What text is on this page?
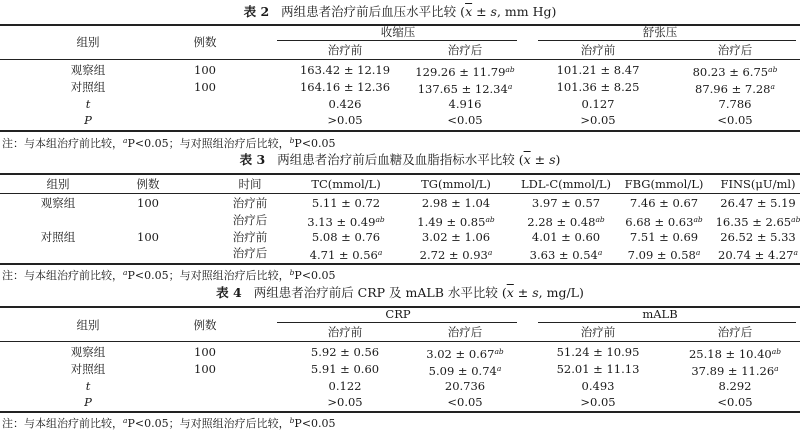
表 2 两组患者治疗前后血压水平比较 ($\overline{x} \pm s$, mm Hg)
组别	例数
收缩压	舒张压
治疗前	治疗后	治疗前	治疗后
观察组	100	163.42 ± 12.19 129.26 ± 11.79$^{ab}$	101.21 ± 8.47	80.23 ± 6.75$^{ab}$
对照组	100	164.16 ± 12.36 137.65 ± 12.34$^a$	101.36 ± 8.25	87.96 ± 7.28$^a$
t	0.426	4.916	0.127	7.786
P	>0.05	<0.05	>0.05	<0.05
注：与本组治疗前比较，$^a$P<0.05；与对照组治疗后比较，$^b$P<0.05
表 3 两组患者治疗前后血糖及血脂指标水平比较 $(\overline{x} \pm s)$
组别	例数	时间	TC(mmol/L)	TG(mmol/L)	LDL-C(mmol/L) FBG(mmol/L) FINS(μU/ml)
观察组	100	治疗前	5.11 ± 0.72	2.98 ± 1.04	3.97 ± 0.57	7.46 ± 0.67 26.47 ± 5.19
治疗后	3.13 ± 0.49$^{ab}$	1.49 ± 0.85$^{ab}$	2.28 ± 0.48$^{ab}$ 6.68 ± 0.63$^{ab}$ 16.35 ± 2.65$^{ab}$
对照组	100	治疗前	5.08 ± 0.76	3.02 ± 1.06	4.01 ± 0.60	7.51 ± 0.69 26.52 ± 5.33
治疗后	4.71 ± 0.56$^a$	2.72 ± 0.93$^a$	3.63 ± 0.54$^a$ 7.09 ± 0.58$^a$ 20.74 ± 4.27$^a$
注：与本组治疗前比较，$^a$P<0.05；与对照组治疗后比较，$^b$P<0.05
表 4 两组患者治疗前后 CRP 及 mALB 水平比较 ($\overline{x} \pm s$, mg/L)
组别	例数
CRP	mALB
治疗前	治疗后	治疗前	治疗后
观察组	100	5.92 ± 0.56	3.02 ± 0.67$^{ab}$	51.24 ± 10.95	25.18 ± 10.40$^{ab}$
对照组	100	5.91 ± 0.60	5.09 ± 0.74$^a$	52.01 ± 11.13	37.89 ± 11.26$^a$
t	0.122	20.736	0.493	8.292
P	>0.05	<0.05	>0.05	<0.05
注：与本组治疗前比较，$^a$P<0.05；与对照组治疗后比较，$^b$P<0.05
